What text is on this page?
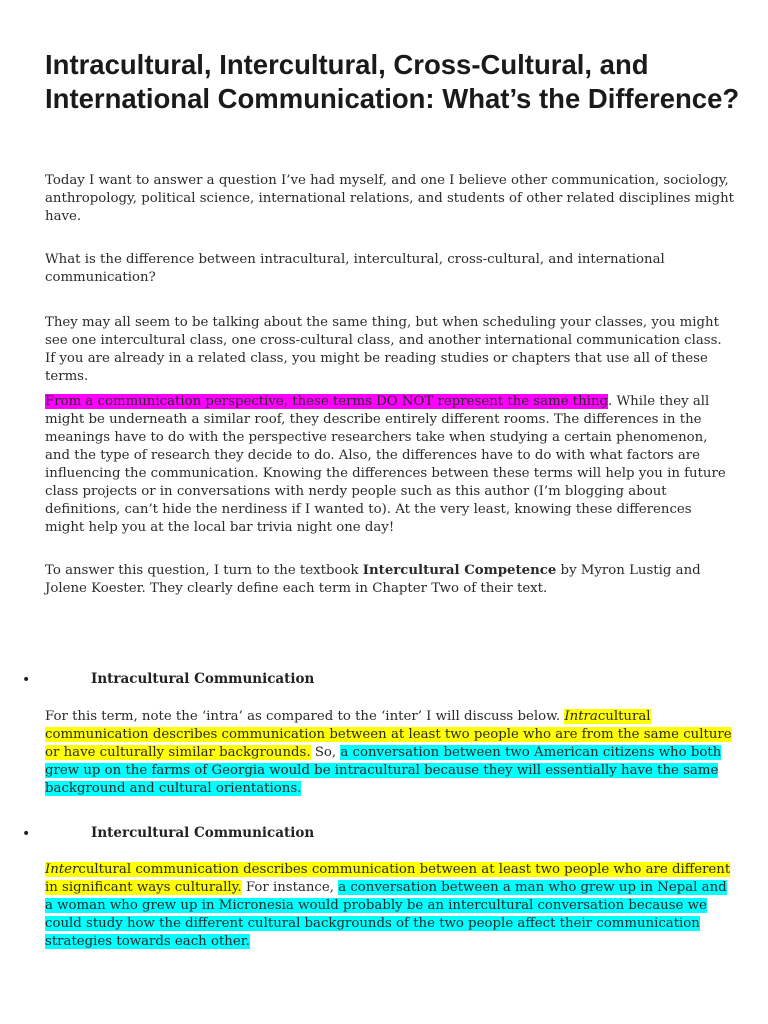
Intracultural, Intercultural, Cross-Cultural, and International Communication: What’s the Difference?

Today I want to answer a question I’ve had myself, and one I believe other communication, sociology, anthropology, political science, international relations, and students of other related disciplines might have.

What is the difference between intracultural, intercultural, cross-cultural, and international communication?

They may all seem to be talking about the same thing, but when scheduling your classes, you might see one intercultural class, one cross-cultural class, and another international communication class. If you are already in a related class, you might be reading studies or chapters that use all of these terms.

From a communication perspective, these terms DO NOT represent the same thing. While they all might be underneath a similar roof, they describe entirely different rooms. The differences in the meanings have to do with the perspective researchers take when studying a certain phenomenon, and the type of research they decide to do. Also, the differences have to do with what factors are influencing the communication. Knowing the differences between these terms will help you in future class projects or in conversations with nerdy people such as this author (I’m blogging about definitions, can’t hide the nerdiness if I wanted to). At the very least, knowing these differences might help you at the local bar trivia night one day!

To answer this question, I turn to the textbook Intercultural Competence by Myron Lustig and Jolene Koester. They clearly define each term in Chapter Two of their text.

•	Intracultural Communication

For this term, note the ‘intra’ as compared to the ‘inter’ I will discuss below. Intracultural communication describes communication between at least two people who are from the same culture or have culturally similar backgrounds. So, a conversation between two American citizens who both grew up on the farms of Georgia would be intracultural because they will essentially have the same background and cultural orientations.

•	Intercultural Communication

Intercultural communication describes communication between at least two people who are different in significant ways culturally. For instance, a conversation between a man who grew up in Nepal and a woman who grew up in Micronesia would probably be an intercultural conversation because we could study how the different cultural backgrounds of the two people affect their communication strategies towards each other.
